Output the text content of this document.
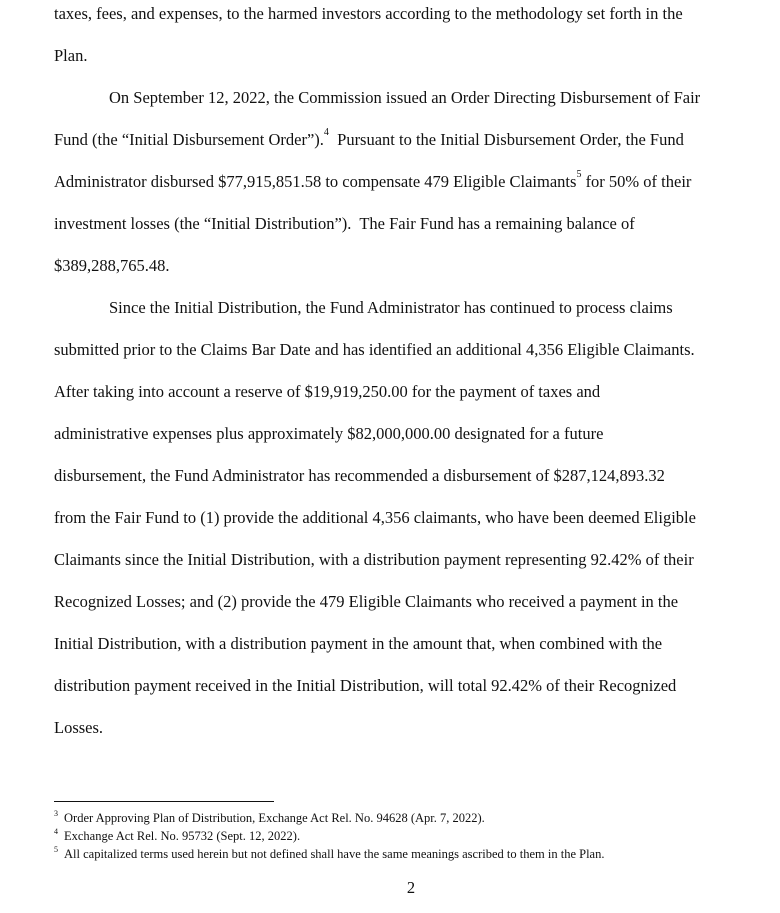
taxes, fees, and expenses, to the harmed investors according to the methodology set forth in the
Plan.
On September 12, 2022, the Commission issued an Order Directing Disbursement of Fair
Fund (the “Initial Disbursement Order”).$^4$  Pursuant to the Initial Disbursement Order, the Fund
Administrator disbursed $77,915,851.58 to compensate 479 Eligible Claimants$^5$ for 50% of their
investment losses (the “Initial Distribution”).  The Fair Fund has a remaining balance of
$389,288,765.48.
Since the Initial Distribution, the Fund Administrator has continued to process claims
submitted prior to the Claims Bar Date and has identified an additional 4,356 Eligible Claimants.
After taking into account a reserve of $19,919,250.00 for the payment of taxes and
administrative expenses plus approximately $82,000,000.00 designated for a future
disbursement, the Fund Administrator has recommended a disbursement of $287,124,893.32
from the Fair Fund to (1) provide the additional 4,356 claimants, who have been deemed Eligible
Claimants since the Initial Distribution, with a distribution payment representing 92.42% of their
Recognized Losses; and (2) provide the 479 Eligible Claimants who received a payment in the
Initial Distribution, with a distribution payment in the amount that, when combined with the
distribution payment received in the Initial Distribution, will total 92.42% of their Recognized
Losses.
$^3$ Order Approving Plan of Distribution, Exchange Act Rel. No. 94628 (Apr. 7, 2022).
$^4$ Exchange Act Rel. No. 95732 (Sept. 12, 2022).
$^5$ All capitalized terms used herein but not defined shall have the same meanings ascribed to them in the Plan.
2
